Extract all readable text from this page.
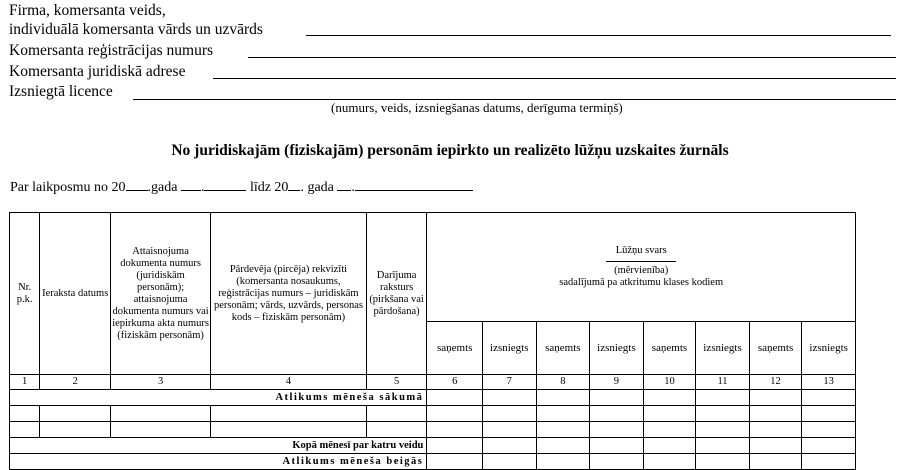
Firma, komersanta veids,
individuālā komersanta vārds un uzvārds
Komersanta reģistrācijas numurs
Komersanta juridiskā adrese
Izsniegtā licence
(numurs, veids, izsniegšanas datums, derīguma termiņš)
No juridiskajām (fiziskajām) personām iepirkto un realizēto lūžņu uzskaites žurnāls
Par laikposmu no 20 .gada .	līdz 20 . gada .
Nr. p.k.	Ieraksta datums	Attaisnojuma dokumenta numurs (juridiskām personām); attaisnojuma dokumenta numurs vai iepirkuma akta numurs (fiziskām personām)	Pārdevēja (pircēja) rekvizīti (komersanta nosaukums, reģistrācijas numurs – juridiskām personām; vārds, uzvārds, personas kods – fiziskām personām)	Darījuma raksturs (pirkšana vai pārdošana)	Lūžņu svars
(mērvienība)
sadalījumā pa atkritumu klases kodiem							

					saņemts	izsniegts	saņemts	izsniegts	saņemts	izsniegts	saņemts	izsniegts
1	2	3	4	5	6	7	8	9	10	11	12	13
Atlikums mēneša sākumā												

Kopā mēnesī par katru veidu												
Atlikums mēneša beigās												
